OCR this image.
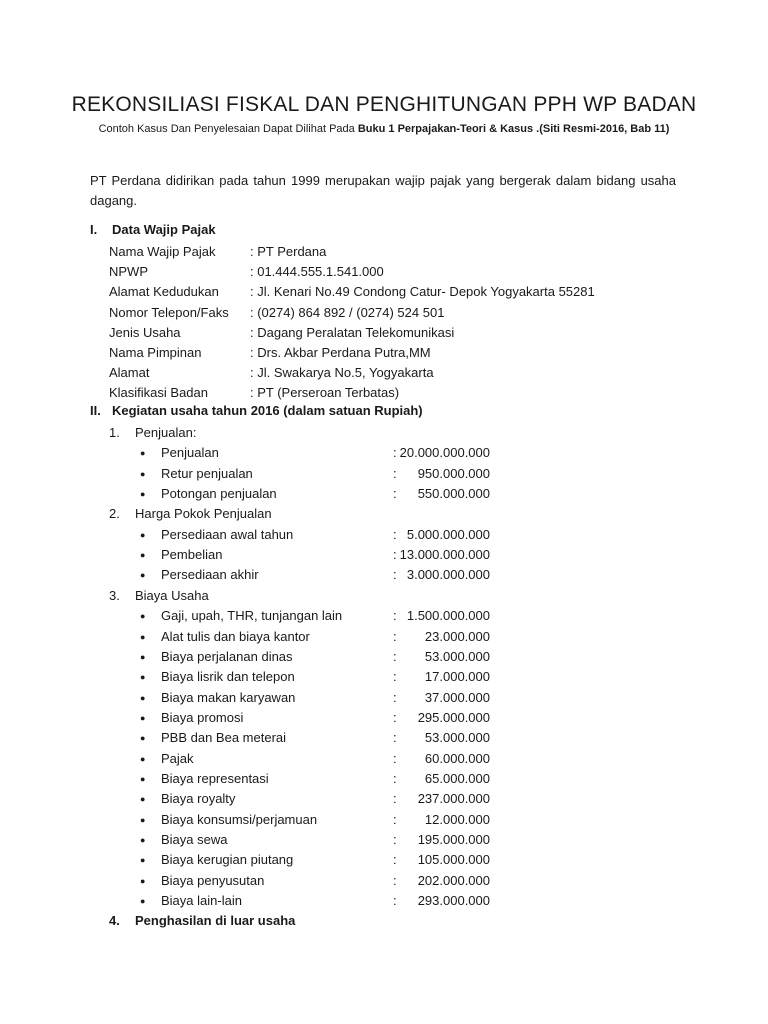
REKONSILIASI FISKAL DAN PENGHITUNGAN PPH WP BADAN
Contoh Kasus Dan Penyelesaian Dapat Dilihat Pada Buku 1 Perpajakan-Teori & Kasus .(Siti Resmi-2016, Bab 11)
PT Perdana didirikan pada tahun 1999 merupakan wajip pajak yang bergerak dalam bidang usaha dagang.
I. Data Wajip Pajak
Nama Wajip Pajak	: PT Perdana
NPWP	: 01.444.555.1.541.000
Alamat Kedudukan : Jl. Kenari No.49 Condong Catur- Depok Yogyakarta 55281
Nomor Telepon/Faks : (0274) 864 892 / (0274) 524 501
Jenis Usaha	: Dagang Peralatan Telekomunikasi
Nama Pimpinan	: Drs. Akbar Perdana Putra,MM
Alamat	: Jl. Swakarya No.5, Yogyakarta
Klasifikasi Badan	: PT (Perseroan Terbatas)
II. Kegiatan usaha tahun 2016 (dalam satuan Rupiah)
1. Penjualan:
● Penjualan	: 20.000.000.000
● Retur penjualan	: 950.000.000
● Potongan penjualan	: 550.000.000
2. Harga Pokok Penjualan
● Persediaan awal tahun	: 5.000.000.000
● Pembelian	: 13.000.000.000
● Persediaan akhir	: 3.000.000.000
3. Biaya Usaha
● Gaji, upah, THR, tunjangan lain	: 1.500.000.000
● Alat tulis dan biaya kantor	: 23.000.000
● Biaya perjalanan dinas	: 53.000.000
● Biaya lisrik dan telepon	: 17.000.000
● Biaya makan karyawan	: 37.000.000
● Biaya promosi	: 295.000.000
● PBB dan Bea meterai	: 53.000.000
● Pajak	: 60.000.000
● Biaya representasi	: 65.000.000
● Biaya royalty	: 237.000.000
● Biaya konsumsi/perjamuan	: 12.000.000
● Biaya sewa	: 195.000.000
● Biaya kerugian piutang	: 105.000.000
● Biaya penyusutan	: 202.000.000
● Biaya lain-lain	: 293.000.000
4. Penghasilan di luar usaha
